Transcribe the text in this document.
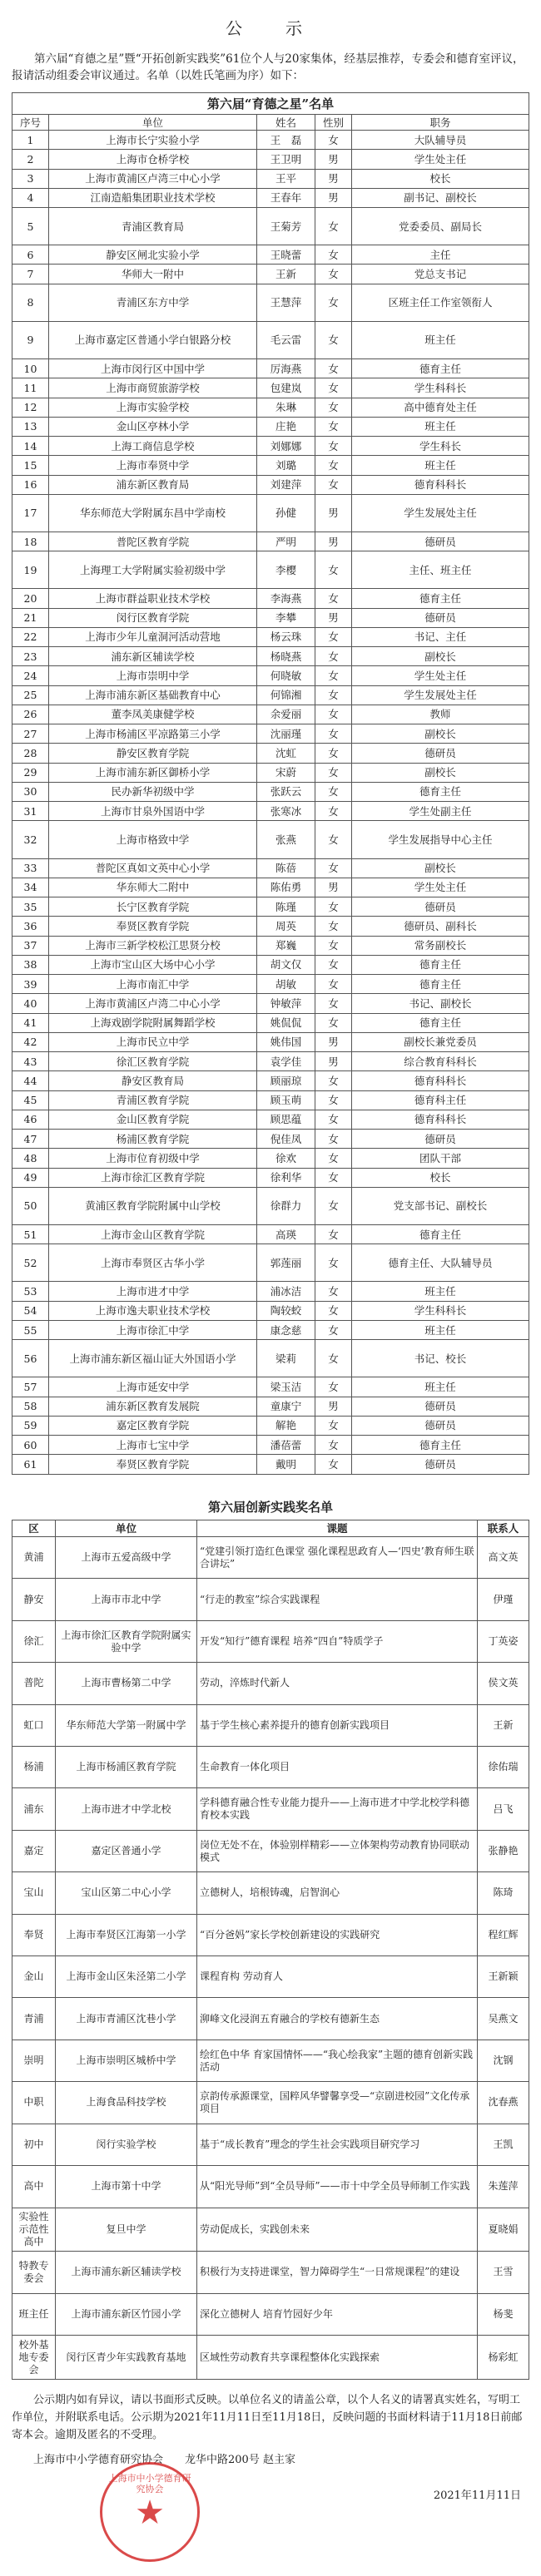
公　示

第六届“育德之星”暨“开拓创新实践奖”61位个人与20家集体，经基层推荐，专委会和德育室评议，报请活动组委会审议通过。名单（以姓氏笔画为序）如下：

第六届“育德之星”名单
序号	单位	姓名	性别	职务
1	上海市长宁实验小学	王　磊	女	大队辅导员
2	上海市仓桥学校	王卫明	男	学生处主任
3	上海市黄浦区卢湾三中心小学	王平	男	校长
4	江南造船集团职业技术学校	王春年	男	副书记、副校长
5	青浦区教育局	王菊芳	女	党委委员、副局长
6	静安区闸北实验小学	王晓蕾	女	主任
7	华师大一附中	王新	女	党总支书记
8	青浦区东方中学	王慧萍	女	区班主任工作室领衔人
9	上海市嘉定区普通小学白银路分校	毛云雷	女	班主任
10	上海市闵行区中国中学	厉海燕	女	德育主任
11	上海市商贸旅游学校	包建岚	女	学生科科长
12	上海市实验学校	朱琳	女	高中德育处主任
13	金山区亭林小学	庄艳	女	班主任
14	上海工商信息学校	刘娜娜	女	学生科长
15	上海市奉贤中学	刘璐	女	班主任
16	浦东新区教育局	刘建萍	女	德育科科长
17	华东师范大学附属东昌中学南校	孙健	男	学生发展处主任
18	普陀区教育学院	严明	男	德研员
19	上海理工大学附属实验初级中学	李樱	女	主任、班主任
20	上海市群益职业技术学校	李海燕	女	德育主任
21	闵行区教育学院	李攀	男	德研员
22	上海市少年儿童洞河活动营地	杨云珠	女	书记、主任
23	浦东新区辅读学校	杨晓燕	女	副校长
24	上海市崇明中学	何晓敏	女	学生处主任
25	上海市浦东新区基础教育中心	何锦湘	女	学生发展处主任
26	董李凤美康健学校	余爱丽	女	教师
27	上海市杨浦区平凉路第三小学	沈丽瑾	女	副校长
28	静安区教育学院	沈虹	女	德研员
29	上海市浦东新区御桥小学	宋蔚	女	副校长
30	民办新华初级中学	张跃云	女	德育主任
31	上海市甘泉外国语中学	张寒冰	女	学生处副主任
32	上海市格致中学	张燕	女	学生发展指导中心主任
33	普陀区真如文英中心小学	陈蓓	女	副校长
34	华东师大二附中	陈佑勇	男	学生处主任
35	长宁区教育学院	陈瑾	女	德研员
36	奉贤区教育学院	周英	女	德研员、副科长
37	上海市三新学校松江思贤分校	郑巍	女	常务副校长
38	上海市宝山区大场中心小学	胡文仅	女	德育主任
39	上海市南汇中学	胡敏	女	德育主任
40	上海市黄浦区卢湾二中心小学	钟敏萍	女	书记、副校长
41	上海戏剧学院附属舞蹈学校	姚侃侃	女	德育主任
42	上海市民立中学	姚伟国	男	副校长兼党委员
43	徐汇区教育学院	袁学佳	男	综合教育科科长
44	静安区教育局	顾丽琼	女	德育科科长
45	青浦区教育学院	顾玉萌	女	德育科主任
46	金山区教育学院	顾思蕴	女	德育科科长
47	杨浦区教育学院	倪佳凤	女	德研员
48	上海市位育初级中学	徐欢	女	团队干部
49	上海市徐汇区教育学院	徐利华	女	校长
50	黄浦区教育学院附属中山学校	徐群力	女	党支部书记、副校长
51	上海市金山区教育学院	高瑛	女	德育主任
52	上海市奉贤区古华小学	郭莲丽	女	德育主任、大队辅导员
53	上海市进才中学	浦冰洁	女	班主任
54	上海市逸夫职业技术学校	陶较蛟	女	学生科科长
55	上海市徐汇中学	康念慈	女	班主任
56	上海市浦东新区福山证大外国语小学	梁莉	女	书记、校长
57	上海市延安中学	梁玉洁	女	班主任
58	浦东新区教育发展院	童康宁	男	德研员
59	嘉定区教育学院	解艳	女	德研员
60	上海市七宝中学	潘蓓蕾	女	德育主任
61	奉贤区教育学院	戴明	女	德研员
第六届创新实践奖名单
区	单位	课题	联系人
黄浦	上海市五爱高级中学	“党建引领打造红色课堂 强化课程思政育人—‘四史’教育师生联合讲坛”	高文英
静安	上海市市北中学	“行走的教室”综合实践课程	伊瑾
徐汇	上海市徐汇区教育学院附属实验中学	开发“知行”德育课程 培养“四自”特质学子	丁英姿
普陀	上海市曹杨第二中学	劳动，淬炼时代新人	侯文英
虹口	华东师范大学第一附属中学	基于学生核心素养提升的德育创新实践项目	王新
杨浦	上海市杨浦区教育学院	生命教育一体化项目	徐佑瑞
浦东	上海市进才中学北校	学科德育融合性专业能力提升——上海市进才中学北校学科德育校本实践	吕飞
嘉定	嘉定区普通小学	岗位无处不在，体验别样精彩——立体架构劳动教育协同联动模式	张静艳
宝山	宝山区第二中心小学	立德树人，培根铸魂，启智润心	陈琦
奉贤	上海市奉贤区江海第一小学	“百分爸妈”家长学校创新建设的实践研究	程红辉
金山	上海市金山区朱泾第二小学	课程育构 劳动育人	王新颖
青浦	上海市青浦区沈巷小学	泖峰文化浸润五育融合的学校有德新生态	吴燕文
崇明	上海市崇明区城桥中学	绘红色中华 育家国情怀——“我心绘我家”主题的德育创新实践活动	沈钢
中职	上海食品科技学校	京韵传承源课堂，国粹风华譬馨享受—“京剧进校园”文化传承项目	沈春燕
初中	闵行实验学校	基于“成长教育”理念的学生社会实践项目研究学习	王凯
高中	上海市第十中学	从“阳光导师”到“全员导师”——市十中学全员导师制工作实践	朱莲萍
实验性示范性高中	复旦中学	劳动促成长，实践创未来	夏晓娟
特教专委会	上海市浦东新区辅读学校	积极行为支持进课堂，智力障碍学生“一日常规课程”的建设	王雪
班主任	上海市浦东新区竹园小学	深化立德树人 培育竹园好少年	杨斐
校外基地专委会	闵行区青少年实践教育基地	区域性劳动教育共享课程整体化实践探索	杨彩虹

公示期内如有异议，请以书面形式反映。以单位名义的请盖公章，以个人名义的请署真实姓名，写明工作单位，并附联系电话。公示期为2021年11月11日至11月18日，反映问题的书面材料请于11月18日前邮寄本会。逾期及匿名的不受理。

上海市中小学德育研究协会　　龙华中路200号 赵主家

2021年11月11日

上海市中小学德育研究协会
★
